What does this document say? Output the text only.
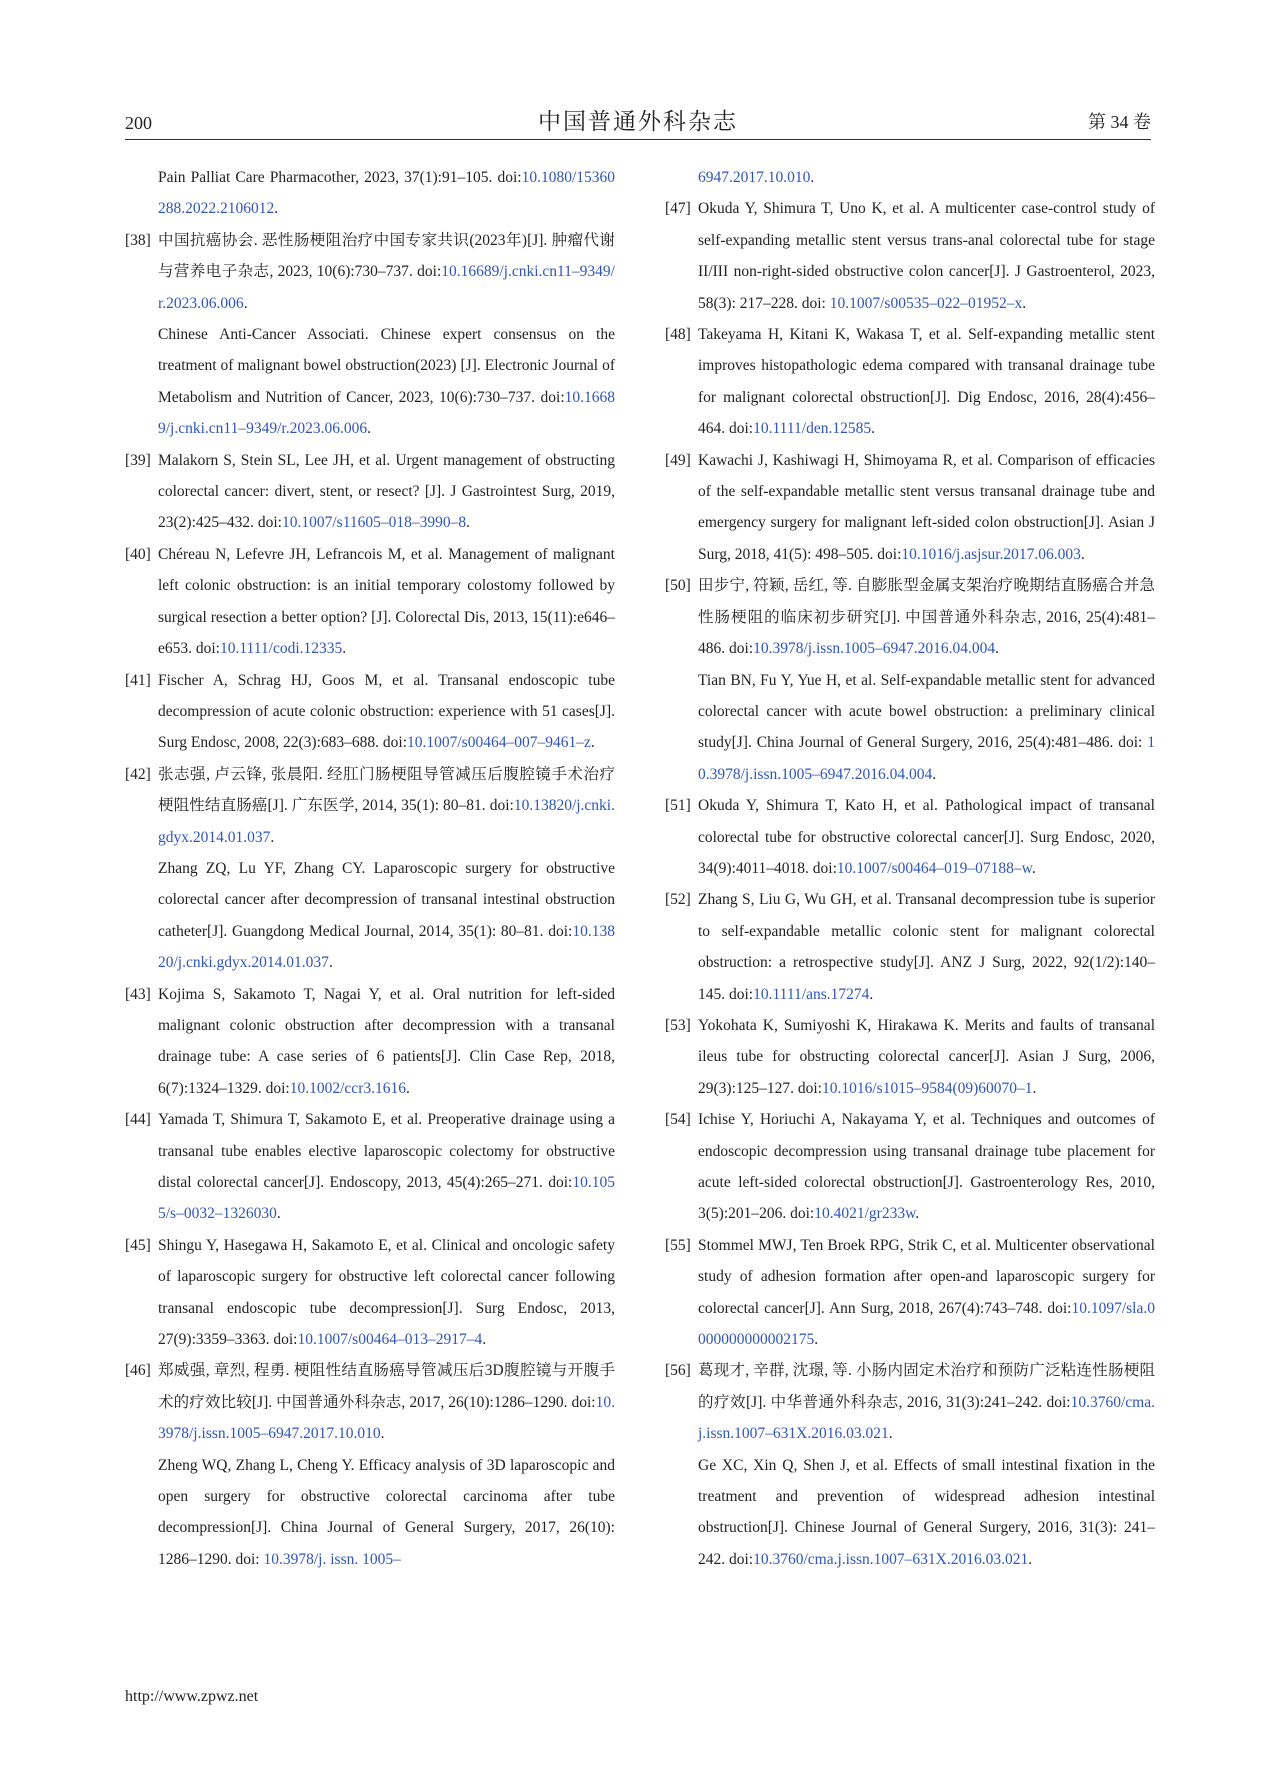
200	中国普通外科杂志	第 34 卷
Pain Palliat Care Pharmacother, 2023, 37(1):91–105. doi:10.1080/15360288.2022.2106012.
[38] 中国抗癌协会. 恶性肠梗阻治疗中国专家共识(2023年)[J]. 肿瘤代谢与营养电子杂志, 2023, 10(6):730–737. doi:10.16689/j.cnki.cn11–9349/r.2023.06.006.
Chinese Anti-Cancer Associati. Chinese expert consensus on the treatment of malignant bowel obstruction(2023) [J]. Electronic Journal of Metabolism and Nutrition of Cancer, 2023, 10(6):730–737. doi:10.16689/j.cnki.cn11–9349/r.2023.06.006.
[39] Malakorn S, Stein SL, Lee JH, et al. Urgent management of obstructing colorectal cancer: divert, stent, or resect? [J]. J Gastrointest Surg, 2019, 23(2):425–432. doi:10.1007/s11605–018–3990–8.
[40] Chéreau N, Lefevre JH, Lefrancois M, et al. Management of malignant left colonic obstruction: is an initial temporary colostomy followed by surgical resection a better option? [J]. Colorectal Dis, 2013, 15(11):e646–e653. doi:10.1111/codi.12335.
[41] Fischer A, Schrag HJ, Goos M, et al. Transanal endoscopic tube decompression of acute colonic obstruction: experience with 51 cases[J]. Surg Endosc, 2008, 22(3):683–688. doi:10.1007/s00464–007–9461–z.
[42] 张志强, 卢云锋, 张晨阳. 经肛门肠梗阻导管减压后腹腔镜手术治疗梗阻性结直肠癌[J]. 广东医学, 2014, 35(1): 80–81. doi:10.13820/j.cnki.gdyx.2014.01.037.
Zhang ZQ, Lu YF, Zhang CY. Laparoscopic surgery for obstructive colorectal cancer after decompression of transanal intestinal obstruction catheter[J]. Guangdong Medical Journal, 2014, 35(1): 80–81. doi:10.13820/j.cnki.gdyx.2014.01.037.
[43] Kojima S, Sakamoto T, Nagai Y, et al. Oral nutrition for left-sided malignant colonic obstruction after decompression with a transanal drainage tube: A case series of 6 patients[J]. Clin Case Rep, 2018, 6(7):1324–1329. doi:10.1002/ccr3.1616.
[44] Yamada T, Shimura T, Sakamoto E, et al. Preoperative drainage using a transanal tube enables elective laparoscopic colectomy for obstructive distal colorectal cancer[J]. Endoscopy, 2013, 45(4):265–271. doi:10.1055/s–0032–1326030.
[45] Shingu Y, Hasegawa H, Sakamoto E, et al. Clinical and oncologic safety of laparoscopic surgery for obstructive left colorectal cancer following transanal endoscopic tube decompression[J]. Surg Endosc, 2013, 27(9):3359–3363. doi:10.1007/s00464–013–2917–4.
[46] 郑威强, 章烈, 程勇. 梗阻性结直肠癌导管减压后3D腹腔镜与开腹手术的疗效比较[J]. 中国普通外科杂志, 2017, 26(10):1286–1290. doi:10.3978/j.issn.1005–6947.2017.10.010.
Zheng WQ, Zhang L, Cheng Y. Efficacy analysis of 3D laparoscopic and open surgery for obstructive colorectal carcinoma after tube decompression[J]. China Journal of General Surgery, 2017, 26(10): 1286–1290. doi: 10.3978/j. issn. 1005–
6947.2017.10.010.
[47] Okuda Y, Shimura T, Uno K, et al. A multicenter case-control study of self-expanding metallic stent versus trans-anal colorectal tube for stage II/III non-right-sided obstructive colon cancer[J]. J Gastroenterol, 2023, 58(3): 217–228. doi: 10.1007/s00535–022–01952–x.
[48] Takeyama H, Kitani K, Wakasa T, et al. Self-expanding metallic stent improves histopathologic edema compared with transanal drainage tube for malignant colorectal obstruction[J]. Dig Endosc, 2016, 28(4):456–464. doi:10.1111/den.12585.
[49] Kawachi J, Kashiwagi H, Shimoyama R, et al. Comparison of efficacies of the self-expandable metallic stent versus transanal drainage tube and emergency surgery for malignant left-sided colon obstruction[J]. Asian J Surg, 2018, 41(5): 498–505. doi:10.1016/j.asjsur.2017.06.003.
[50] 田步宁, 符颖, 岳红, 等. 自膨胀型金属支架治疗晚期结直肠癌合并急性肠梗阻的临床初步研究[J]. 中国普通外科杂志, 2016, 25(4):481–486. doi:10.3978/j.issn.1005–6947.2016.04.004.
Tian BN, Fu Y, Yue H, et al. Self-expandable metallic stent for advanced colorectal cancer with acute bowel obstruction: a preliminary clinical study[J]. China Journal of General Surgery, 2016, 25(4):481–486. doi: 10.3978/j.issn.1005–6947.2016.04.004.
[51] Okuda Y, Shimura T, Kato H, et al. Pathological impact of transanal colorectal tube for obstructive colorectal cancer[J]. Surg Endosc, 2020, 34(9):4011–4018. doi:10.1007/s00464–019–07188–w.
[52] Zhang S, Liu G, Wu GH, et al. Transanal decompression tube is superior to self-expandable metallic colonic stent for malignant colorectal obstruction: a retrospective study[J]. ANZ J Surg, 2022, 92(1/2):140–145. doi:10.1111/ans.17274.
[53] Yokohata K, Sumiyoshi K, Hirakawa K. Merits and faults of transanal ileus tube for obstructing colorectal cancer[J]. Asian J Surg, 2006, 29(3):125–127. doi:10.1016/s1015–9584(09)60070–1.
[54] Ichise Y, Horiuchi A, Nakayama Y, et al. Techniques and outcomes of endoscopic decompression using transanal drainage tube placement for acute left-sided colorectal obstruction[J]. Gastroenterology Res, 2010, 3(5):201–206. doi:10.4021/gr233w.
[55] Stommel MWJ, Ten Broek RPG, Strik C, et al. Multicenter observational study of adhesion formation after open-and laparoscopic surgery for colorectal cancer[J]. Ann Surg, 2018, 267(4):743–748. doi:10.1097/sla.0000000000002175.
[56] 葛现才, 辛群, 沈璟, 等. 小肠内固定术治疗和预防广泛粘连性肠梗阻的疗效[J]. 中华普通外科杂志, 2016, 31(3):241–242. doi:10.3760/cma.j.issn.1007–631X.2016.03.021.
Ge XC, Xin Q, Shen J, et al. Effects of small intestinal fixation in the treatment and prevention of widespread adhesion intestinal obstruction[J]. Chinese Journal of General Surgery, 2016, 31(3): 241–242. doi:10.3760/cma.j.issn.1007–631X.2016.03.021.
http://www.zpwz.net
